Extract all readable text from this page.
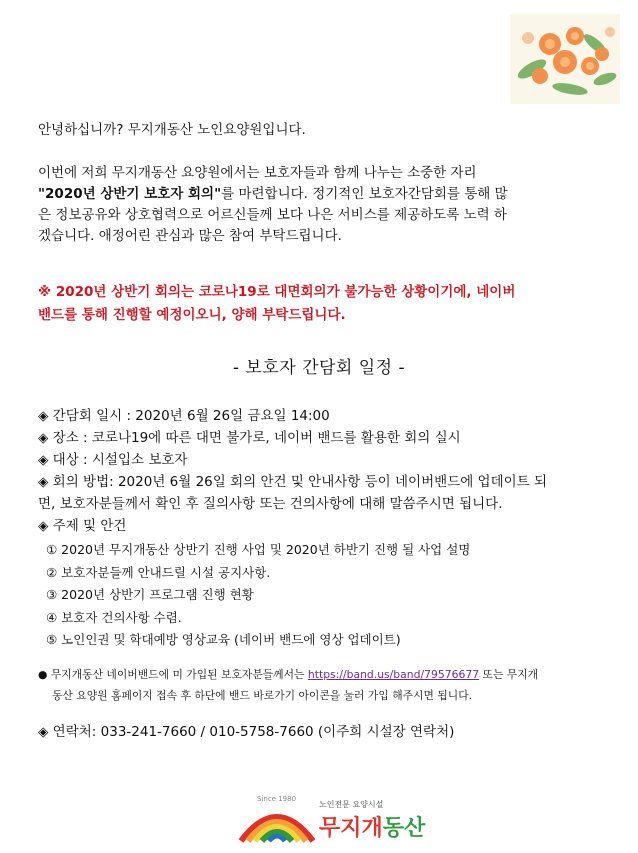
안녕하십니까? 무지개동산 노인요양원입니다.
이번에 저희 무지개동산 요양원에서는 보호자들과 함께 나누는 소중한 자리
"2020년 상반기 보호자 회의"를 마련합니다. 정기적인 보호자간담회를 통해 많
은 정보공유와 상호협력으로 어르신들께 보다 나은 서비스를 제공하도록 노력 하
겠습니다. 애정어린 관심과 많은 참여 부탁드립니다.
※ 2020년 상반기 회의는 코로나19로 대면회의가 불가능한 상황이기에, 네이버
밴드를 통해 진행할 예정이오니, 양해 부탁드립니다.
- 보호자 간담회 일정 -
◈ 간담회 일시 : 2020년 6월 26일 금요일 14:00
◈ 장소 : 코로나19에 따른 대면 불가로, 네이버 밴드를 활용한 회의 실시
◈ 대상 : 시설입소 보호자
◈ 회의 방법: 2020년 6월 26일 회의 안건 및 안내사항 등이 네이버밴드에 업데이트 되
면, 보호자분들께서 확인 후 질의사항 또는 건의사항에 대해 말씀주시면 됩니다.
◈ 주제 및 안건
① 2020년 무지개동산 상반기 진행 사업 및 2020년 하반기 진행 될 사업 설명
② 보호자분들께 안내드릴 시설 공지사항.
③ 2020년 상반기 프로그램 진행 현황
④ 보호자 건의사항 수렴.
⑤ 노인인권 및 학대예방 영상교육 (네이버 밴드에 영상 업데이트)
● 무지개동산 네이버밴드에 미 가입된 보호자분들께서는 https://band.us/band/79576677 또는 무지개
동산 요양원 홈페이지 접속 후 하단에 밴드 바로가기 아이콘을 눌러 가입 해주시면 됩니다.
◈ 연락처: 033-241-7660 / 010-5758-7660 (이주희 시설장 연락처)
Since 1980
노인전문 요양시설
무지개동산
